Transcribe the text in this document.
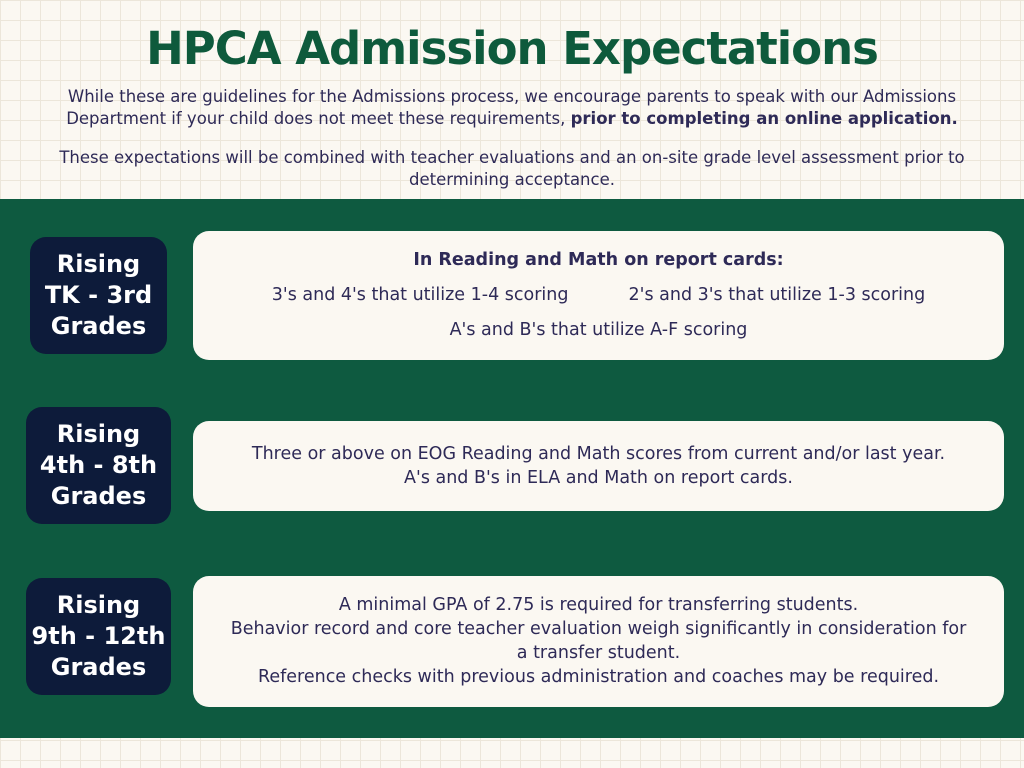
HPCA Admission Expectations

While these are guidelines for the Admissions process, we encourage parents to speak with our Admissions Department if your child does not meet these requirements, prior to completing an online application.

These expectations will be combined with teacher evaluations and an on-site grade level assessment prior to determining acceptance.

Rising
TK - 3rd
Grades

In Reading and Math on report cards:

3's and 4's that utilize 1-4 scoring	2's and 3's that utilize 1-3 scoring

A's and B's that utilize A-F scoring

Rising
4th - 8th
Grades

Three or above on EOG Reading and Math scores from current and/or last year.

A's and B's in ELA and Math on report cards.

Rising
9th - 12th
Grades

A minimal GPA of 2.75 is required for transferring students.

Behavior record and core teacher evaluation weigh significantly in consideration for a transfer student.

Reference checks with previous administration and coaches may be required.
